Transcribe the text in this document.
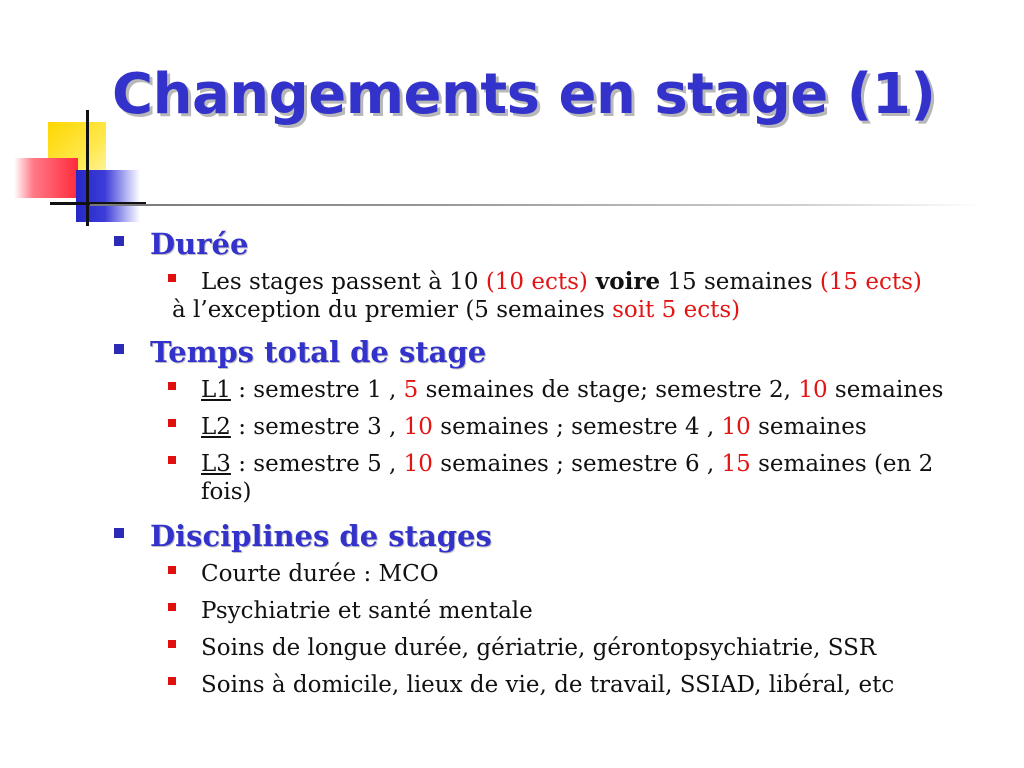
Changements en stage (1)
Durée
Les stages passent à 10 (10 ects) voire 15 semaines (15 ects)
à l’exception du premier (5 semaines soit 5 ects)
Temps total de stage
L1 : semestre 1 , 5 semaines de stage; semestre 2, 10 semaines
L2 : semestre 3 , 10 semaines ; semestre 4 , 10 semaines
L3 : semestre 5 , 10 semaines ; semestre 6 , 15 semaines (en 2 fois)
Disciplines de stages
Courte durée : MCO
Psychiatrie et santé mentale
Soins de longue durée, gériatrie, gérontopsychiatrie, SSR
Soins à domicile, lieux de vie, de travail, SSIAD, libéral, etc
